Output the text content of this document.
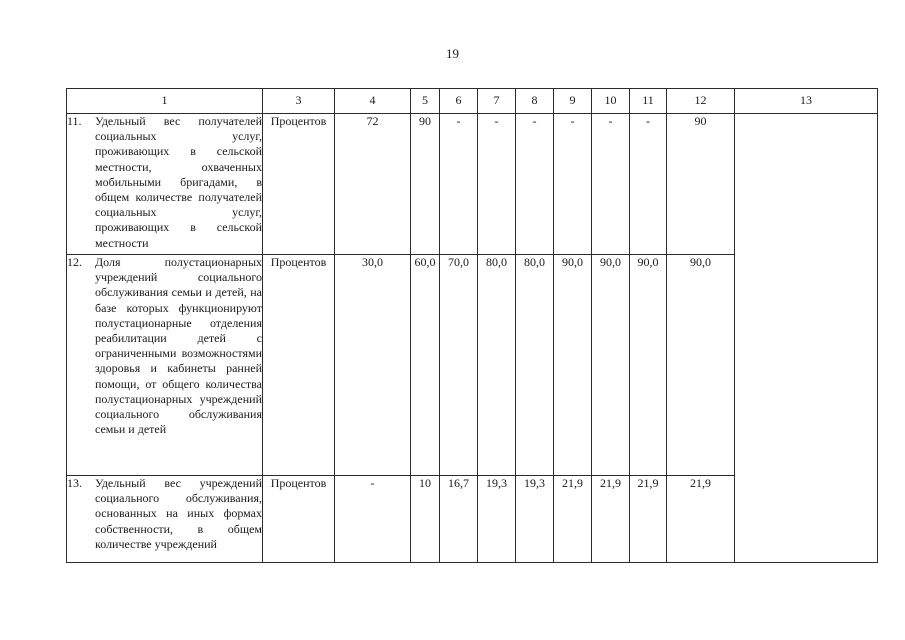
19
1	3	4	5	6	7	8	9	10	11	12	13
11. Удельный вес получателей социальных услуг, проживающих в сельской местности, охваченных мобильными бригадами, в общем количестве получателей социальных услуг, проживающих в сельской местности	Процентов	72	90	-	-	-	-	-	-	90	
12. Доля полустационарных учреждений социального обслуживания семьи и детей, на базе которых функционируют полустационарные отделения реабилитации детей с ограниченными возможностями здоровья и кабинеты ранней помощи, от общего количества полустационарных учреждений социального обслуживания семьи и детей	Процентов	30,0	60,0	70,0	80,0	80,0	90,0	90,0	90,0	90,0	
13. Удельный вес учреждений социального обслуживания, основанных на иных формах собственности, в общем количестве учреждений	Процентов	-	10	16,7	19,3	19,3	21,9	21,9	21,9	21,9	
